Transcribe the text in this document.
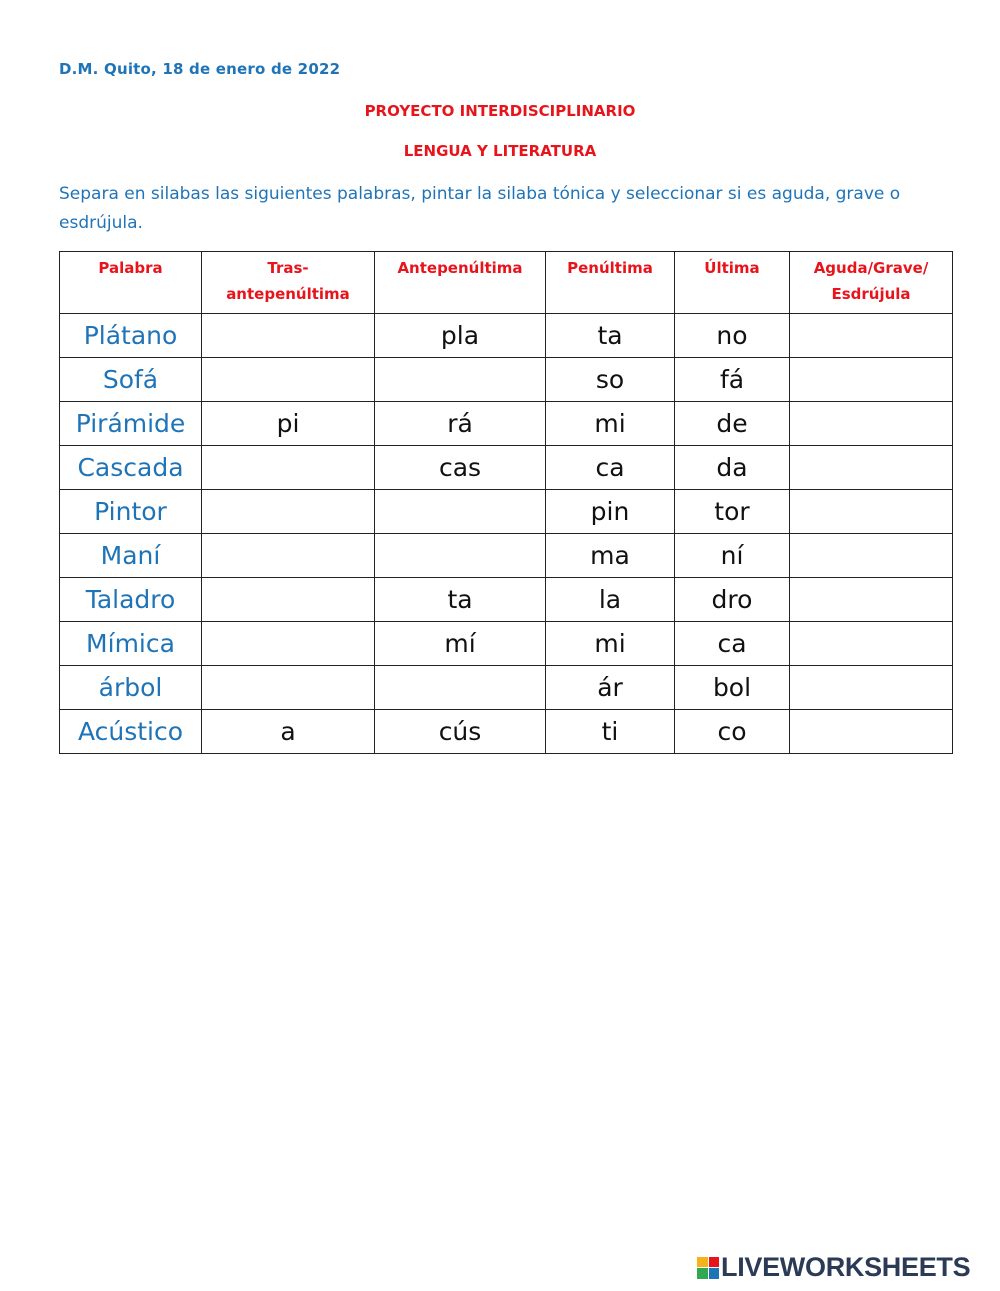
D.M. Quito, 18 de enero de 2022
PROYECTO INTERDISCIPLINARIO
LENGUA Y LITERATURA
Separa en silabas las siguientes palabras, pintar la silaba tónica y seleccionar si es aguda, grave o esdrújula.
Palabra	Tras-antepenúltima	Antepenúltima	Penúltima	Última	Aguda/Grave/ Esdrújula
Plátano		pla	ta	no	
Sofá			so	fá	
Pirámide	pi	rá	mi	de	
Cascada		cas	ca	da	
Pintor			pin	tor	
Maní			ma	ní	
Taladro		ta	la	dro	
Mímica		mí	mi	ca	
árbol			ár	bol	
Acústico	a	cús	ti	co	
LIVEWORKSHEETS
